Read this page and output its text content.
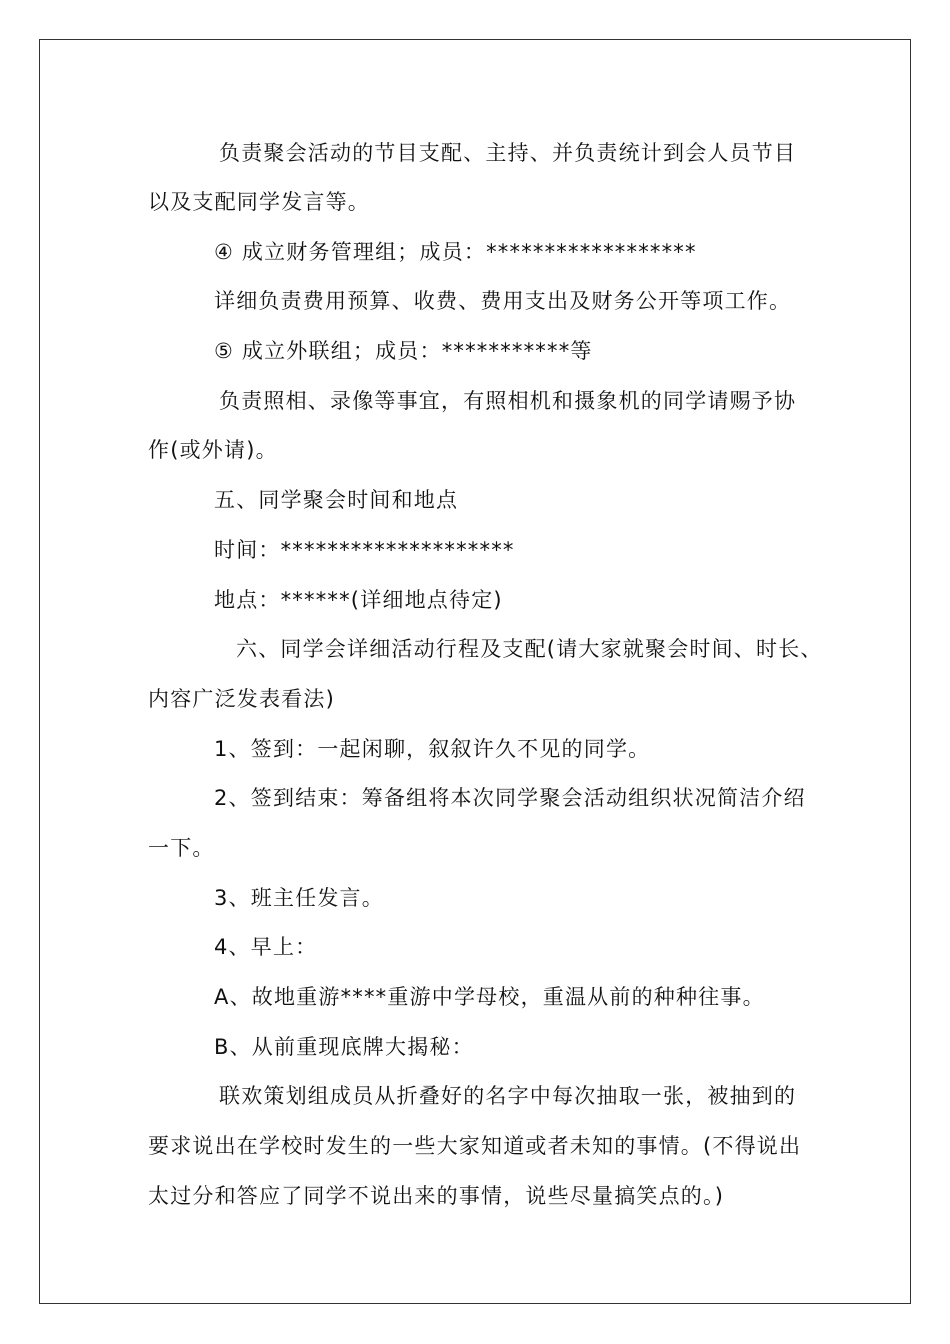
负责聚会活动的节目支配、主持、并负责统计到会人员节目
以及支配同学发言等。
④ 成立财务管理组；成员：******************
详细负责费用预算、收费、费用支出及财务公开等项工作。
⑤ 成立外联组；成员：***********等
负责照相、录像等事宜，有照相机和摄象机的同学请赐予协
作(或外请)。
五、同学聚会时间和地点
时间：********************
地点：******(详细地点待定)
六、同学会详细活动行程及支配(请大家就聚会时间、时长、
内容广泛发表看法)
1、签到：一起闲聊，叙叙许久不见的同学。
2、签到结束：筹备组将本次同学聚会活动组织状况简洁介绍
一下。
3、班主任发言。
4、早上：
A、故地重游****重游中学母校，重温从前的种种往事。
B、从前重现底牌大揭秘：
联欢策划组成员从折叠好的名字中每次抽取一张，被抽到的
要求说出在学校时发生的一些大家知道或者未知的事情。(不得说出
太过分和答应了同学不说出来的事情，说些尽量搞笑点的。)
